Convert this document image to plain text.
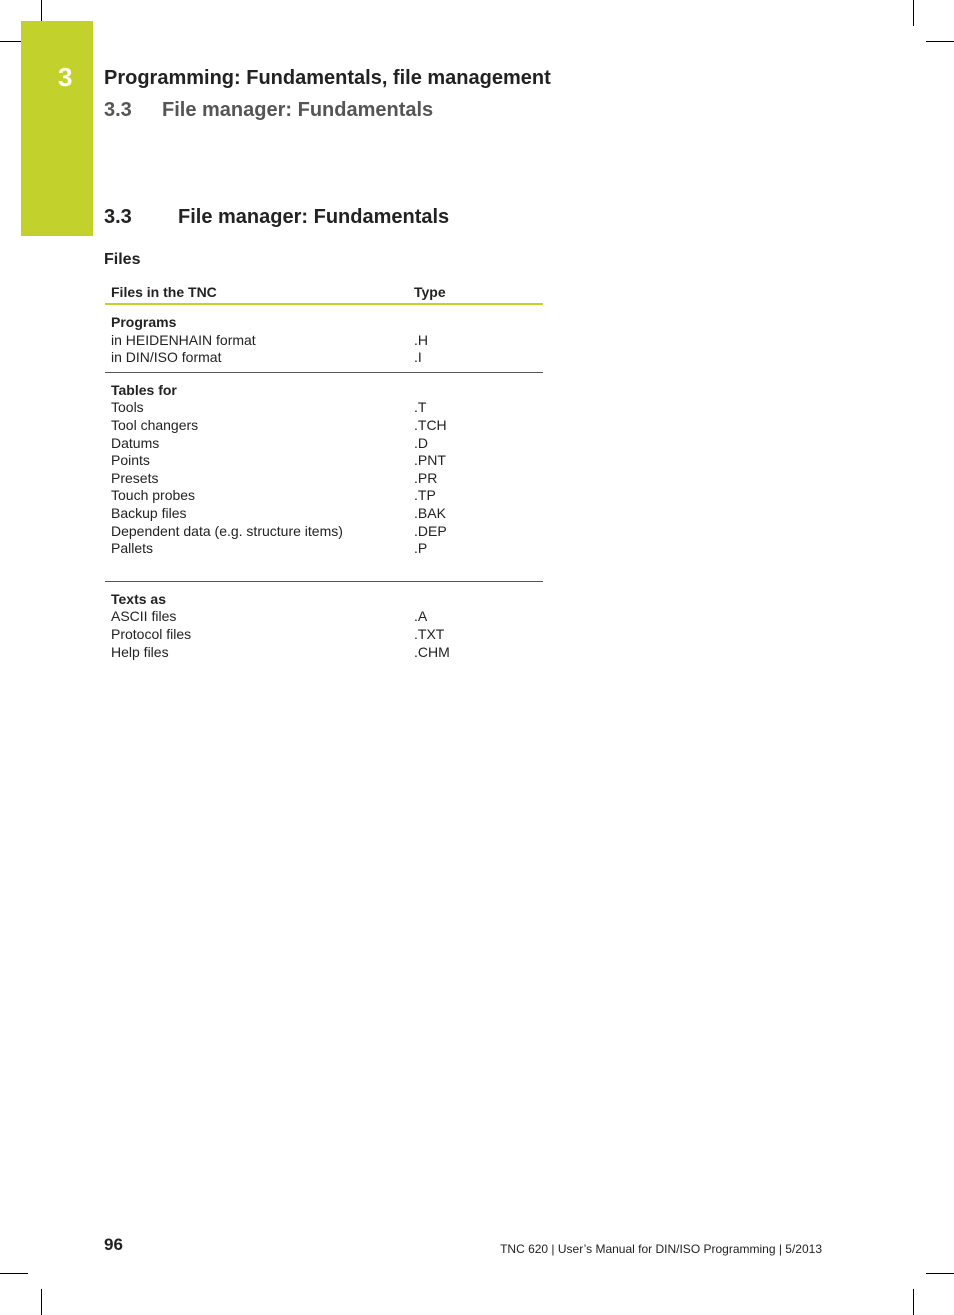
3 Programming: Fundamentals, file management
3.3 File manager: Fundamentals
3.3 File manager: Fundamentals
Files
Files in the TNC	Type
Programs
in HEIDENHAIN format	.H
in DIN/ISO format	.I
Tables for
Tools	.T
Tool changers	.TCH
Datums	.D
Points	.PNT
Presets	.PR
Touch probes	.TP
Backup files	.BAK
Dependent data (e.g. structure items)	.DEP
Pallets	.P
Texts as
ASCII files	.A
Protocol files	.TXT
Help files	.CHM
96	TNC 620 | User’s Manual for DIN/ISO Programming | 5/2013
